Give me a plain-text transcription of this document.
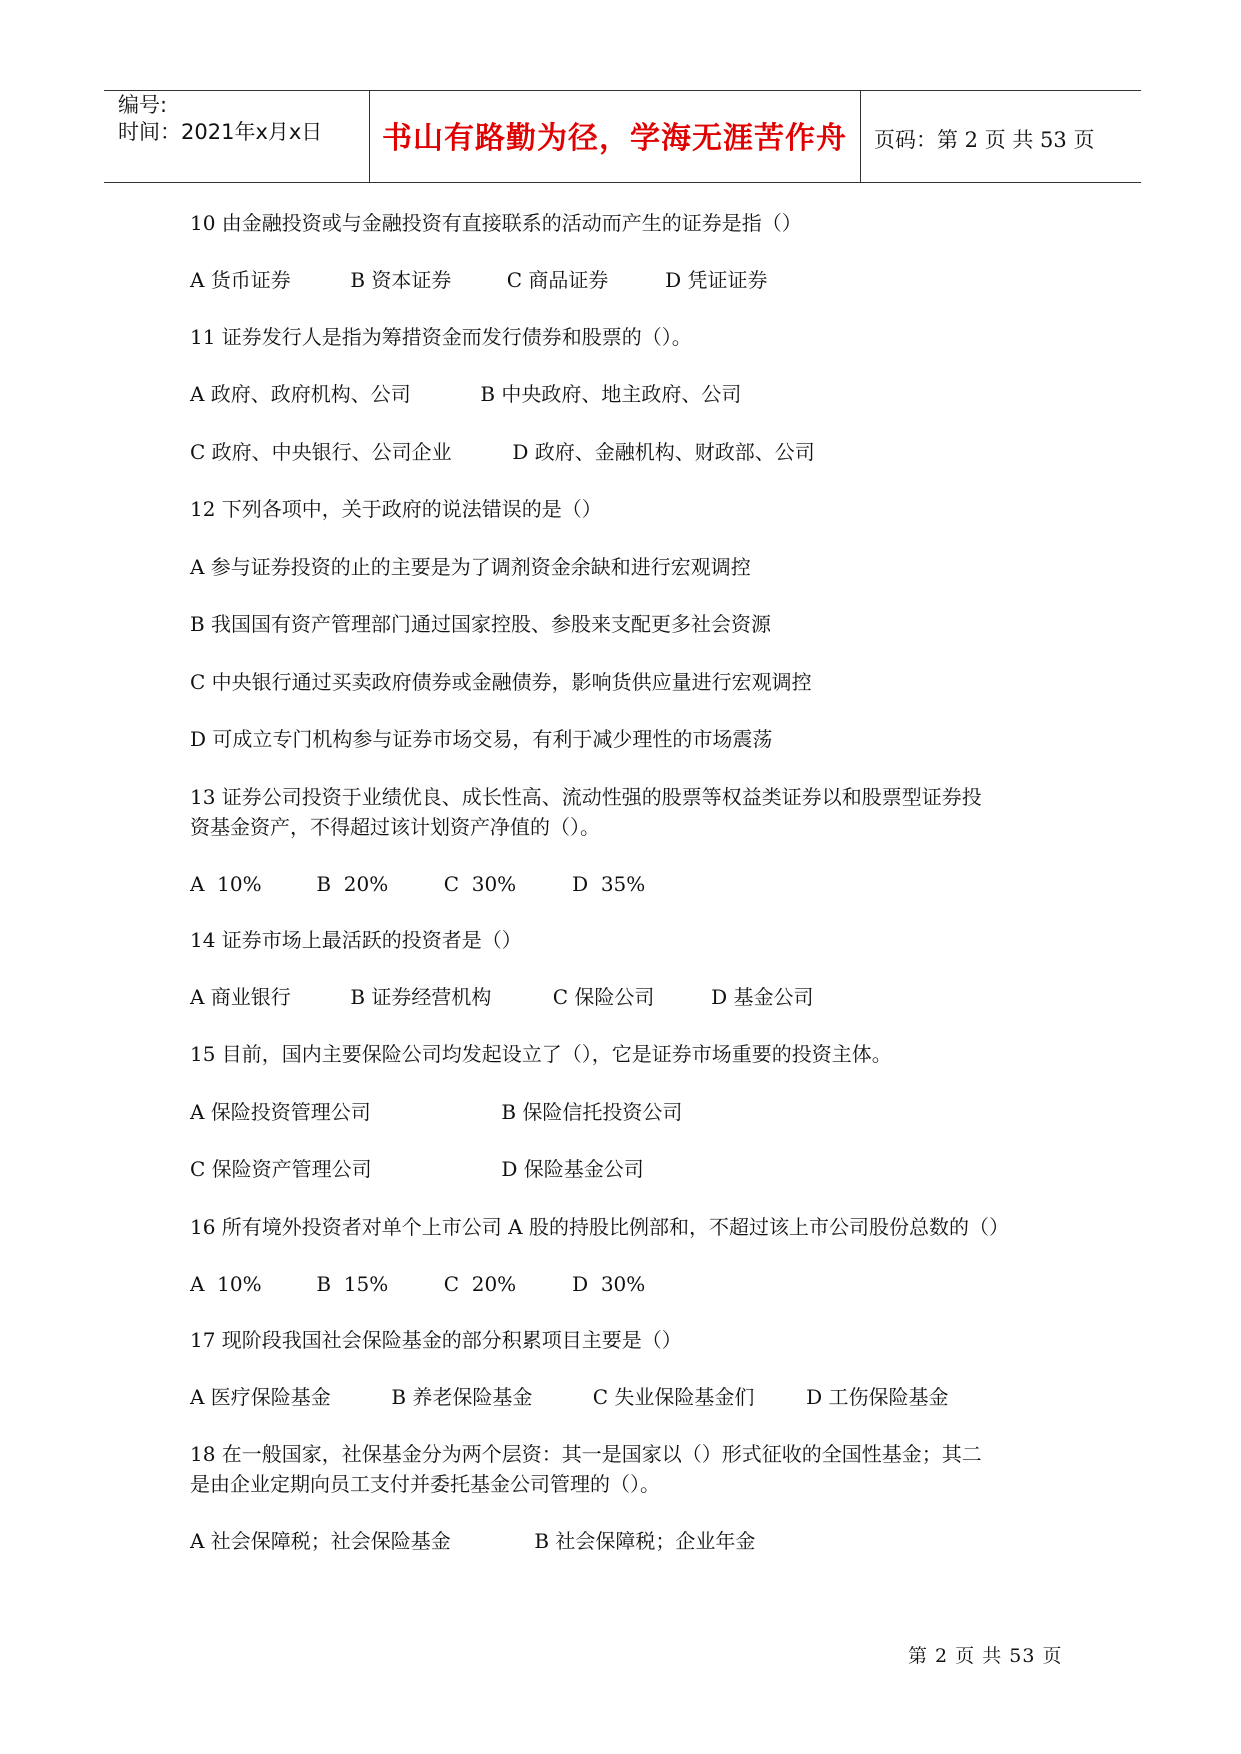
编号:
时间：2021年x月x日	书山有路勤为径，学海无涯苦作舟	页码：第 2 页 共 53 页

10 由金融投资或与金融投资有直接联系的活动而产生的证券是指（）

A 货币证券	B 资本证券	C 商品证券	D 凭证证券

11 证券发行人是指为筹措资金而发行债券和股票的（）。

A 政府、政府机构、公司	B 中央政府、地主政府、公司
C 政府、中央银行、公司企业	D 政府、金融机构、财政部、公司

12 下列各项中，关于政府的说法错误的是（）

A 参与证券投资的止的主要是为了调剂资金余缺和进行宏观调控

B 我国国有资产管理部门通过国家控股、参股来支配更多社会资源

C 中央银行通过买卖政府债券或金融债券，影响货供应量进行宏观调控

D 可成立专门机构参与证券市场交易，有利于减少理性的市场震荡

13 证券公司投资于业绩优良、成长性高、流动性强的股票等权益类证券以和股票型证券投

资基金资产，不得超过该计划资产净值的（）。

A  10%	B  20%	C  30%	D  35%

14 证券市场上最活跃的投资者是（）

A 商业银行	B 证券经营机构	C 保险公司	D 基金公司

15 目前，国内主要保险公司均发起设立了（），它是证券市场重要的投资主体。

A 保险投资管理公司	B 保险信托投资公司
C 保险资产管理公司	D 保险基金公司

16 所有境外投资者对单个上市公司 A 股的持股比例部和，不超过该上市公司股份总数的（）

A  10%	B  15%	C  20%	D  30%

17 现阶段我国社会保险基金的部分积累项目主要是（）

A 医疗保险基金	B 养老保险基金	C 失业保险基金们	D 工伤保险基金

18 在一般国家，社保基金分为两个层资：其一是国家以（）形式征收的全国性基金；其二

是由企业定期向员工支付并委托基金公司管理的（）。

A 社会保障税；社会保险基金	B 社会保障税；企业年金
第 2 页 共 53 页
